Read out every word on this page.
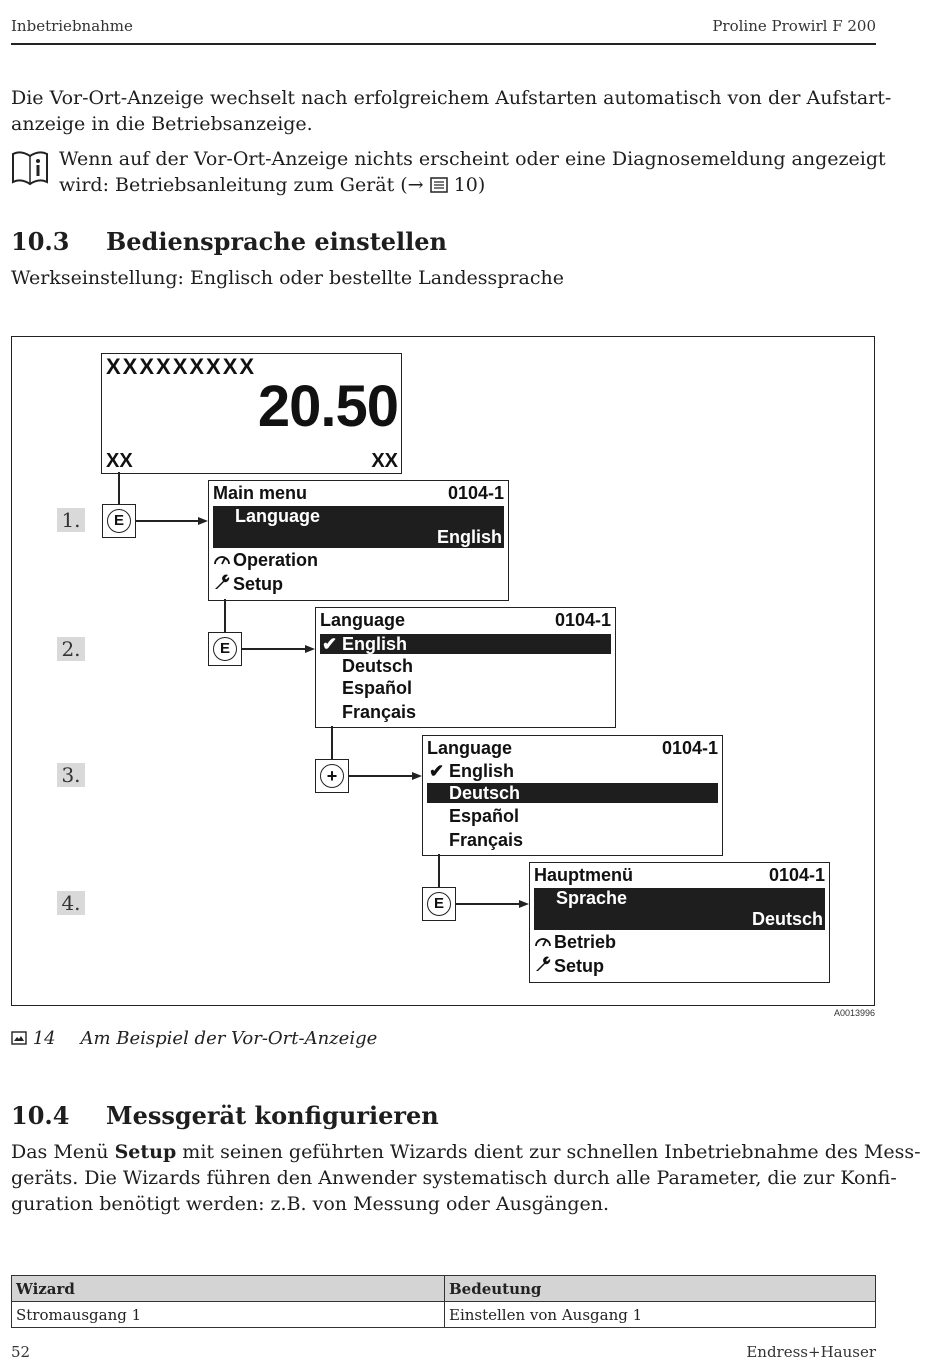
Inbetriebnahme	Proline Prowirl F 200
Die Vor-Ort-Anzeige wechselt nach erfolgreichem Aufstarten automatisch von der Aufstart-
anzeige in die Betriebsanzeige.
Wenn auf der Vor-Ort-Anzeige nichts erscheint oder eine Diagnosemeldung angezeigt
wird: Betriebsanleitung zum Gerät (→  10)
10.3 Bediensprache einstellen
Werkseinstellung: Englisch oder bestellte Landessprache
XXXXXXXXX
20.50
XX	XX
1.
2.
3.
4.
E
Main menu	0104-1
Language
English
Operation
Setup
E
Language	0104-1
✔ English
Deutsch
Español
Français
+
Language	0104-1
✔ English
Deutsch
Español
Français
E
Hauptmenü	0104-1
Sprache
Deutsch
Betrieb
Setup
A0013996
14 Am Beispiel der Vor-Ort-Anzeige
10.4 Messgerät konfigurieren
Das Menü Setup mit seinen geführten Wizards dient zur schnellen Inbetriebnahme des Mess-
geräts. Die Wizards führen den Anwender systematisch durch alle Parameter, die zur Konfi-
guration benötigt werden: z.B. von Messung oder Ausgängen.
Wizard	Bedeutung
Stromausgang 1	Einstellen von Ausgang 1
52	Endress+Hauser
